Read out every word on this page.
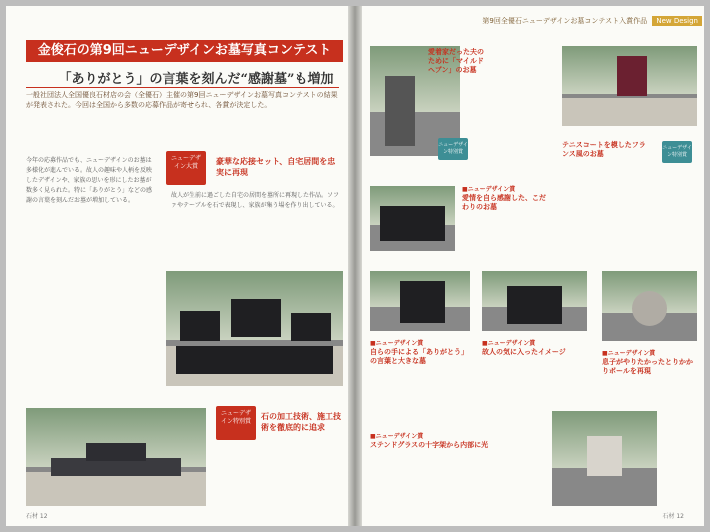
金俊石の第9回ニューデザインお墓写真コンテスト
「ありがとう」の言葉を刻んだ“感謝墓”も増加
一般社団法人全国優良石材店の会（全優石）主催の第9回ニューデザインお墓写真コンテストの結果が発表された。今回は全国から多数の応募作品が寄せられ、各賞が決定した。
今年の応募作品でも、ニューデザインのお墓は多様化が進んでいる。故人の趣味や人柄を反映したデザインや、家族の思いを形にしたお墓が数多く見られた。特に「ありがとう」などの感謝の言葉を刻んだお墓が増加している。
ニューデザイン大賞
豪華な応接セット、自宅居間を忠実に再現
故人が生前に過ごした自宅の居間を墓所に再現した作品。ソファやテーブルを石で表現し、家族が集う場を作り出している。
ニューデザイン特別賞
石の加工技術、施工技術を徹底的に追求
石材 12
第9回全優石ニューデザインお墓コンテスト入賞作品 New Design
愛着家だった夫のために「マイルドヘブン」のお墓
ニューデザイン特別賞
テニスコートを模したフランス風のお墓
ニューデザイン特別賞
■ニューデザイン賞
愛情を自ら感謝した、こだわりのお墓
■ニューデザイン賞
自らの手による「ありがとう」の言葉と大きな墓
■ニューデザイン賞
故人の気に入ったイメージ	■ニューデザイン賞
息子がやりたかったとりかかりボールを再現
■ニューデザイン賞
ステンドグラスの十字架から内部に光
石材 12
